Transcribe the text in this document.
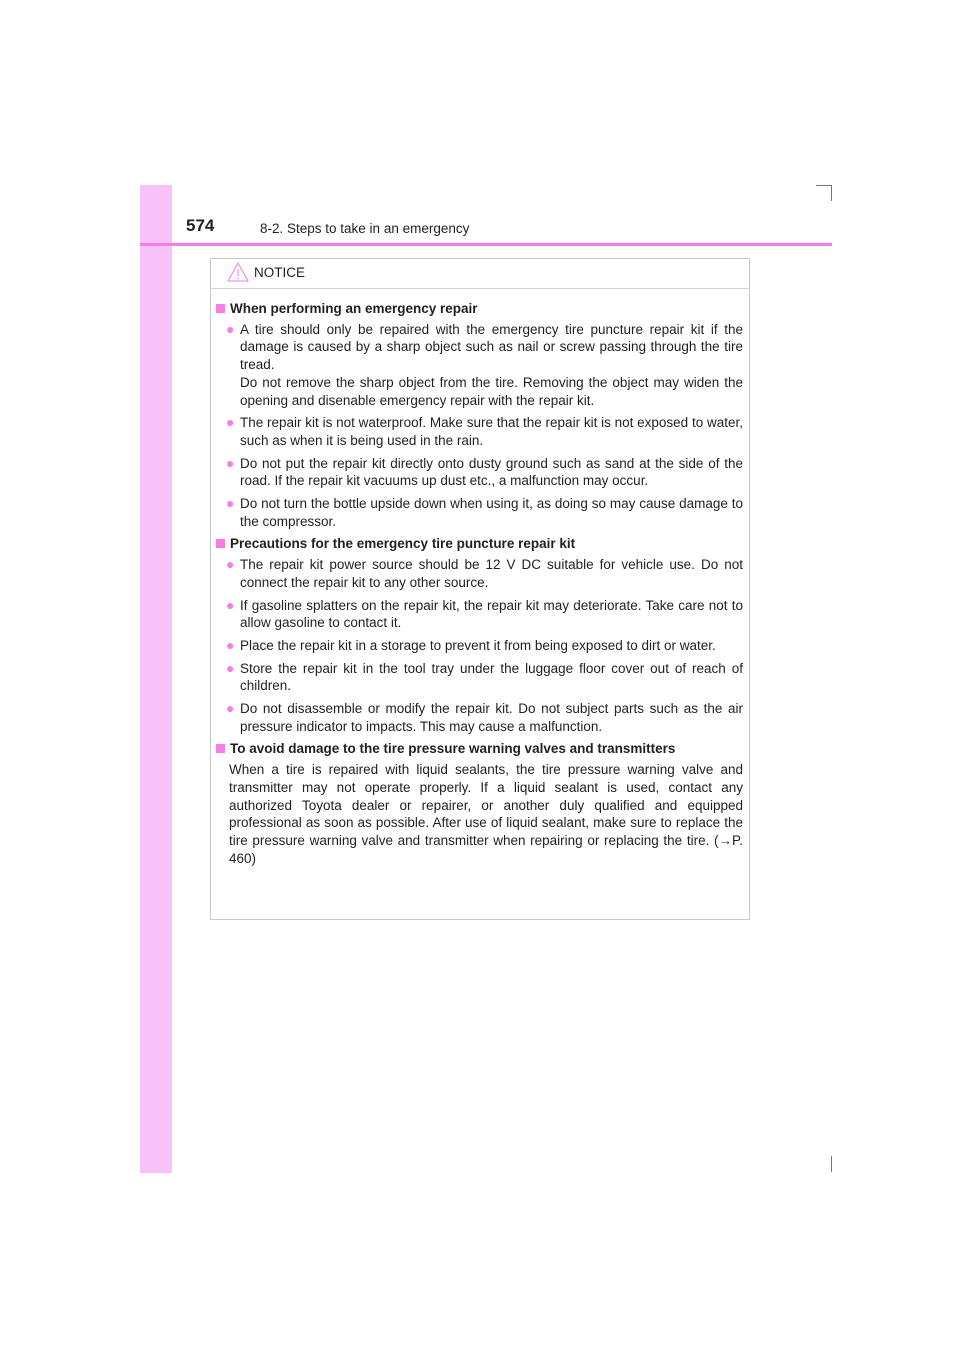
574	8-2. Steps to take in an emergency
NOTICE
When performing an emergency repair
● A tire should only be repaired with the emergency tire puncture repair kit if the damage is caused by a sharp object such as nail or screw passing through the tire tread.
Do not remove the sharp object from the tire. Removing the object may widen the opening and disenable emergency repair with the repair kit.
● The repair kit is not waterproof. Make sure that the repair kit is not exposed to water, such as when it is being used in the rain.
● Do not put the repair kit directly onto dusty ground such as sand at the side of the road. If the repair kit vacuums up dust etc., a malfunction may occur.
● Do not turn the bottle upside down when using it, as doing so may cause damage to the compressor.
Precautions for the emergency tire puncture repair kit
● The repair kit power source should be 12 V DC suitable for vehicle use. Do not connect the repair kit to any other source.
● If gasoline splatters on the repair kit, the repair kit may deteriorate. Take care not to allow gasoline to contact it.
● Place the repair kit in a storage to prevent it from being exposed to dirt or water.
● Store the repair kit in the tool tray under the luggage floor cover out of reach of children.
● Do not disassemble or modify the repair kit. Do not subject parts such as the air pressure indicator to impacts. This may cause a malfunction.
To avoid damage to the tire pressure warning valves and transmitters
When a tire is repaired with liquid sealants, the tire pressure warning valve and transmitter may not operate properly. If a liquid sealant is used, contact any authorized Toyota dealer or repairer, or another duly qualified and equipped professional as soon as possible. After use of liquid sealant, make sure to replace the tire pressure warning valve and transmitter when repairing or replacing the tire. (→P. 460)
